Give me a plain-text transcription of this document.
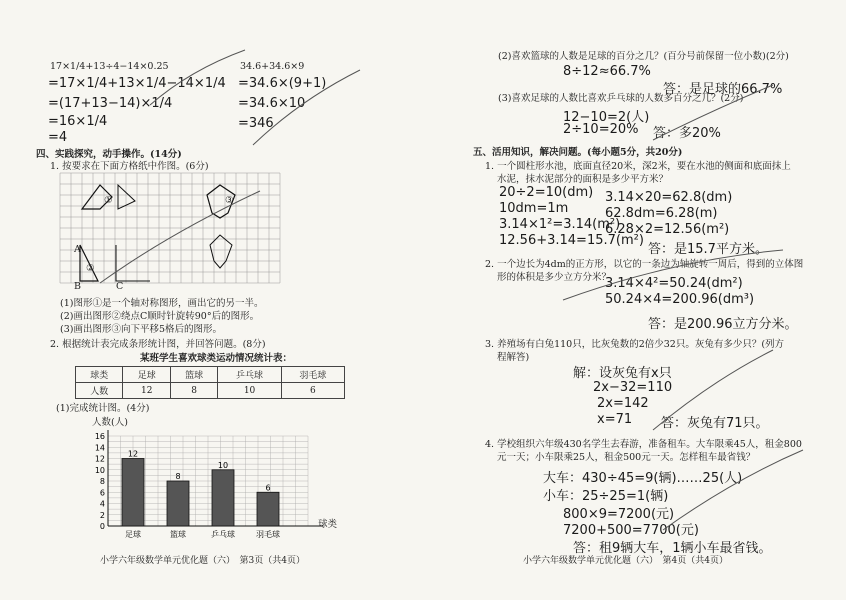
17×1/4+13÷4−14×0.25
=17×1/4+13×1/4−14×1/4
=(17+13−14)×1/4
=16×1/4
=4
34.6+34.6×9
=34.6×(9+1)
=34.6×10
=346
四、实践探究，动手操作。(14分)
1. 按要求在下面方格纸中作图。(6分)
①	③
A
②
B	C
(1)图形①是一个轴对称图形，画出它的另一半。
(2)画出图形②绕点C顺时针旋转90°后的图形。
(3)画出图形③向下平移5格后的图形。
2. 根据统计表完成条形统计图，并回答问题。(8分)
某班学生喜欢球类运动情况统计表：
球类	足球	篮球	乒乓球	羽毛球
人数	12	8	10	6
(1)完成统计图。(4分)
人数(人)
0
2
4
6
8
10
12
14
16
12
足球
8
篮球
10
乒乓球
6
羽毛球
球类
小学六年级数学单元优化题（六）　第3页（共4页）
(2)喜欢篮球的人数是足球的百分之几？(百分号前保留一位小数)(2分)
8÷12≈66.7%
答：是足球的66.7%
(3)喜欢足球的人数比喜欢乒乓球的人数多百分之几？(2分)
12−10=2(人)
2÷10=20% 答：多20%
五、活用知识，解决问题。(每小题5分，共20分)
1. 一个圆柱形水池，底面直径20米，深2米，要在水池的侧面和底面抹上
水泥，抹水泥部分的面积是多少平方米？
20÷2=10(dm)
10dm=1m
3.14×1²=3.14(m²)
12.56+3.14=15.7(m²)
3.14×20=62.8(dm)
62.8dm=6.28(m)
6.28×2=12.56(m²)
答：是15.7平方米。
2. 一个边长为4dm的正方形，以它的一条边为轴旋转一周后，得到的立体图
形的体积是多少立方分米？
3.14×4²=50.24(dm²)
50.24×4=200.96(dm³)
答：是200.96立方分米。
3. 养殖场有白兔110只，比灰兔数的2倍少32只。灰兔有多少只？(列方
程解答)
解：设灰兔有x只
2x−32=110
2x=142
x=71 答：灰兔有71只。
4. 学校组织六年级430名学生去春游，准备租车。大车限乘45人，租金800
元一天；小车限乘25人，租金500元一天。怎样租车最省钱？
大车：430÷45=9(辆)……25(人)
小车：25÷25=1(辆)
800×9=7200(元)
7200+500=7700(元)
答：租9辆大车，1辆小车最省钱。
小学六年级数学单元优化题（六）　第4页（共4页）
